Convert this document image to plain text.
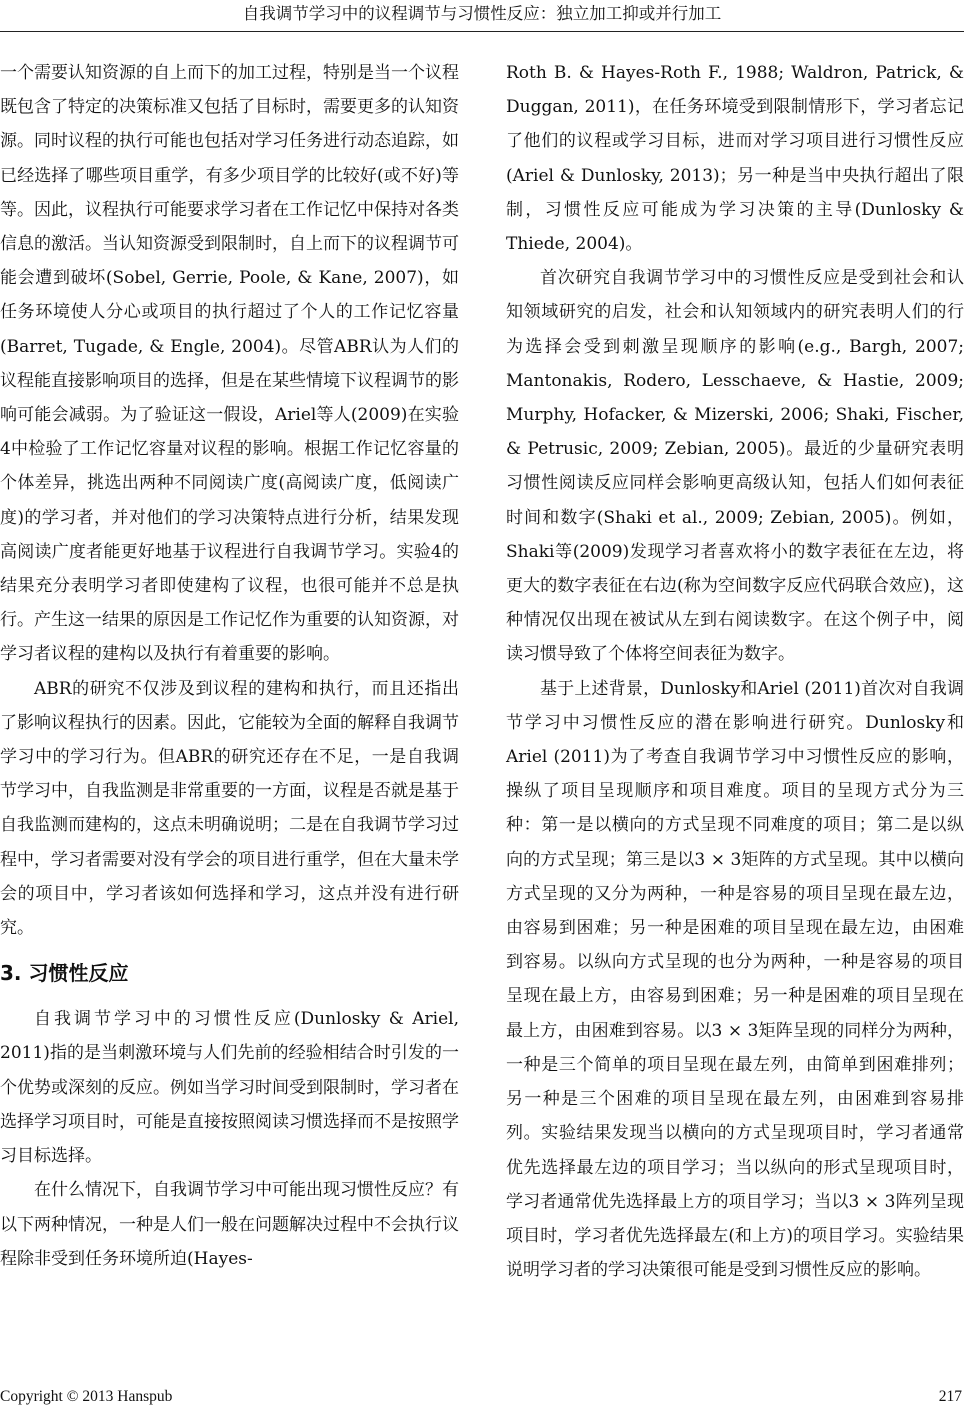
自我调节学习中的议程调节与习惯性反应：独立加工抑或并行加工

一个需要认知资源的自上而下的加工过程，特别是当一个议程既包含了特定的决策标准又包括了目标时，需要更多的认知资源。同时议程的执行可能也包括对学习任务进行动态追踪，如已经选择了哪些项目重学，有多少项目学的比较好(或不好)等等。因此，议程执行可能要求学习者在工作记忆中保持对各类信息的激活。当认知资源受到限制时，自上而下的议程调节可能会遭到破坏(Sobel, Gerrie, Poole, & Kane, 2007)，如任务环境使人分心或项目的执行超过了个人的工作记忆容量(Barret, Tugade, & Engle, 2004)。尽管ABR认为人们的议程能直接影响项目的选择，但是在某些情境下议程调节的影响可能会减弱。为了验证这一假设，Ariel等人(2009)在实验4中检验了工作记忆容量对议程的影响。根据工作记忆容量的个体差异，挑选出两种不同阅读广度(高阅读广度，低阅读广度)的学习者，并对他们的学习决策特点进行分析，结果发现高阅读广度者能更好地基于议程进行自我调节学习。实验4的结果充分表明学习者即使建构了议程，也很可能并不总是执行。产生这一结果的原因是工作记忆作为重要的认知资源，对学习者议程的建构以及执行有着重要的影响。

ABR的研究不仅涉及到议程的建构和执行，而且还指出了影响议程执行的因素。因此，它能较为全面的解释自我调节学习中的学习行为。但ABR的研究还存在不足，一是自我调节学习中，自我监测是非常重要的一方面，议程是否就是基于自我监测而建构的，这点未明确说明；二是在自我调节学习过程中，学习者需要对没有学会的项目进行重学，但在大量未学会的项目中，学习者该如何选择和学习，这点并没有进行研究。

3. 习惯性反应

自我调节学习中的习惯性反应(Dunlosky & Ariel, 2011)指的是当刺激环境与人们先前的经验相结合时引发的一个优势或深刻的反应。例如当学习时间受到限制时，学习者在选择学习项目时，可能是直接按照阅读习惯选择而不是按照学习目标选择。

在什么情况下，自我调节学习中可能出现习惯性反应？有以下两种情况，一种是人们一般在问题解决过程中不会执行议程除非受到任务环境所迫(Hayes-

Roth B. & Hayes-Roth F., 1988; Waldron, Patrick, & Duggan, 2011)，在任务环境受到限制情形下，学习者忘记了他们的议程或学习目标，进而对学习项目进行习惯性反应(Ariel & Dunlosky, 2013)；另一种是当中央执行超出了限制，习惯性反应可能成为学习决策的主导(Dunlosky & Thiede, 2004)。

首次研究自我调节学习中的习惯性反应是受到社会和认知领域研究的启发，社会和认知领域内的研究表明人们的行为选择会受到刺激呈现顺序的影响(e.g., Bargh, 2007; Mantonakis, Rodero, Lesschaeve, & Hastie, 2009; Murphy, Hofacker, & Mizerski, 2006; Shaki, Fischer, & Petrusic, 2009; Zebian, 2005)。最近的少量研究表明习惯性阅读反应同样会影响更高级认知，包括人们如何表征时间和数字(Shaki et al., 2009; Zebian, 2005)。例如，Shaki等(2009)发现学习者喜欢将小的数字表征在左边，将更大的数字表征在右边(称为空间数字反应代码联合效应)，这种情况仅出现在被试从左到右阅读数字。在这个例子中，阅读习惯导致了个体将空间表征为数字。

基于上述背景，Dunlosky和Ariel (2011)首次对自我调节学习中习惯性反应的潜在影响进行研究。Dunlosky和Ariel (2011)为了考查自我调节学习中习惯性反应的影响，操纵了项目呈现顺序和项目难度。项目的呈现方式分为三种：第一是以横向的方式呈现不同难度的项目；第二是以纵向的方式呈现；第三是以3 × 3矩阵的方式呈现。其中以横向方式呈现的又分为两种，一种是容易的项目呈现在最左边，由容易到困难；另一种是困难的项目呈现在最左边，由困难到容易。以纵向方式呈现的也分为两种，一种是容易的项目呈现在最上方，由容易到困难；另一种是困难的项目呈现在最上方，由困难到容易。以3 × 3矩阵呈现的同样分为两种，一种是三个简单的项目呈现在最左列，由简单到困难排列；另一种是三个困难的项目呈现在最左列，由困难到容易排列。实验结果发现当以横向的方式呈现项目时，学习者通常优先选择最左边的项目学习；当以纵向的形式呈现项目时，学习者通常优先选择最上方的项目学习；当以3 × 3阵列呈现项目时，学习者优先选择最左(和上方)的项目学习。实验结果说明学习者的学习决策很可能是受到习惯性反应的影响。

Copyright © 2013 Hanspub	217
